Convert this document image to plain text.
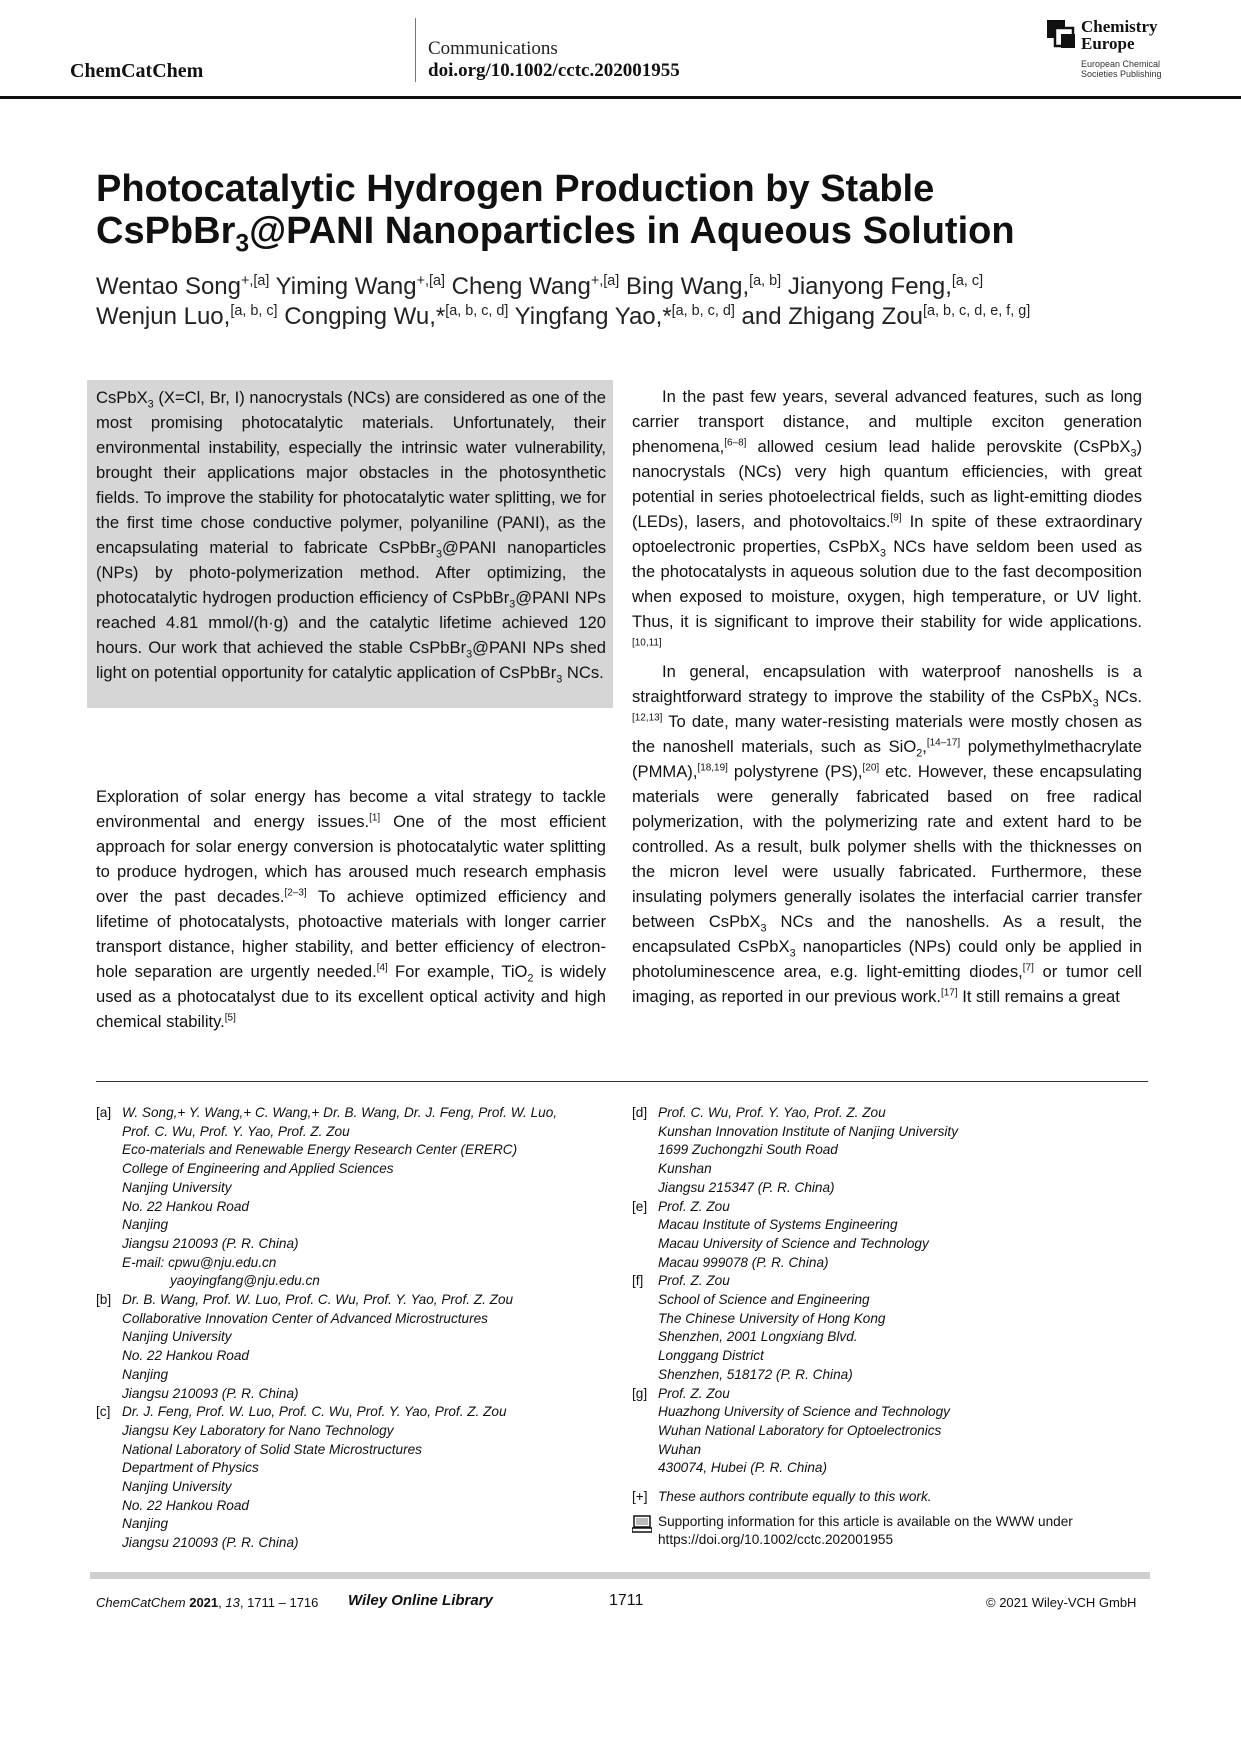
ChemCatChem
Communications
doi.org/10.1002/cctc.202001955
Chemistry
Europe
European Chemical
Societies Publishing
Photocatalytic Hydrogen Production by Stable
CsPbBr$_3$@PANI Nanoparticles in Aqueous Solution
Wentao Song$^{+,[a]}$ Yiming Wang$^{+,[a]}$ Cheng Wang$^{+,[a]}$ Bing Wang,[a, b] Jianyong Feng,[a, c]
Wenjun Luo,[a, b, c] Congping Wu,*[a, b, c, d] Yingfang Yao,*[a, b, c, d] and Zhigang Zou[a, b, c, d, e, f, g]
CsPbX$_3$ (X=Cl, Br, I) nanocrystals (NCs) are considered as one of the most promising photocatalytic materials. Unfortunately, their environmental instability, especially the intrinsic water vulnerability, brought their applications major obstacles in the photosynthetic fields. To improve the stability for photocatalytic water splitting, we for the first time chose conductive polymer, polyaniline (PANI), as the encapsulating material to fabricate CsPbBr$_3$@PANI nanoparticles (NPs) by photo-polymerization method. After optimizing, the photocatalytic hydrogen production efficiency of CsPbBr$_3$@PANI NPs reached 4.81 mmol/(h·g) and the catalytic lifetime achieved 120 hours. Our work that achieved the stable CsPbBr$_3$@PANI NPs shed light on potential opportunity for catalytic application of CsPbBr$_3$ NCs.
Exploration of solar energy has become a vital strategy to tackle environmental and energy issues.[1] One of the most efficient approach for solar energy conversion is photocatalytic water splitting to produce hydrogen, which has aroused much research emphasis over the past decades.[2–3] To achieve optimized efficiency and lifetime of photocatalysts, photoactive materials with longer carrier transport distance, higher stability, and better efficiency of electron-hole separation are urgently needed.[4] For example, TiO$_2$ is widely used as a photocatalyst due to its excellent optical activity and high chemical stability.[5]

In the past few years, several advanced features, such as long carrier transport distance, and multiple exciton generation phenomena,[6–8] allowed cesium lead halide perovskite (CsPbX$_3$) nanocrystals (NCs) very high quantum efficiencies, with great potential in series photoelectrical fields, such as light-emitting diodes (LEDs), lasers, and photovoltaics.[9] In spite of these extraordinary optoelectronic properties, CsPbX$_3$ NCs have seldom been used as the photocatalysts in aqueous solution due to the fast decomposition when exposed to moisture, oxygen, high temperature, or UV light. Thus, it is significant to improve their stability for wide applications.[10,11]

In general, encapsulation with waterproof nanoshells is a straightforward strategy to improve the stability of the CsPbX$_3$ NCs.[12,13] To date, many water-resisting materials were mostly chosen as the nanoshell materials, such as SiO$_2$,[14–17] polymethylmethacrylate (PMMA),[18,19] polystyrene (PS),[20] etc. However, these encapsulating materials were generally fabricated based on free radical polymerization, with the polymerizing rate and extent hard to be controlled. As a result, bulk polymer shells with the thicknesses on the micron level were usually fabricated. Furthermore, these insulating polymers generally isolates the interfacial carrier transfer between CsPbX$_3$ NCs and the nanoshells. As a result, the encapsulated CsPbX$_3$ nanoparticles (NPs) could only be applied in photoluminescence area, e.g. light-emitting diodes,[7] or tumor cell imaging, as reported in our previous work.[17] It still remains a great

[a] W. Song,+ Y. Wang,+ C. Wang,+ Dr. B. Wang, Dr. J. Feng, Prof. W. Luo,
Prof. C. Wu, Prof. Y. Yao, Prof. Z. Zou
Eco-materials and Renewable Energy Research Center (ERERC)
College of Engineering and Applied Sciences
Nanjing University
No. 22 Hankou Road
Nanjing
Jiangsu 210093 (P. R. China)
E-mail: cpwu@nju.edu.cn
yaoyingfang@nju.edu.cn
[b] Dr. B. Wang, Prof. W. Luo, Prof. C. Wu, Prof. Y. Yao, Prof. Z. Zou
Collaborative Innovation Center of Advanced Microstructures
Nanjing University
No. 22 Hankou Road
Nanjing
Jiangsu 210093 (P. R. China)
[c] Dr. J. Feng, Prof. W. Luo, Prof. C. Wu, Prof. Y. Yao, Prof. Z. Zou
Jiangsu Key Laboratory for Nano Technology
National Laboratory of Solid State Microstructures
Department of Physics
Nanjing University
No. 22 Hankou Road
Nanjing
Jiangsu 210093 (P. R. China)
[d] Prof. C. Wu, Prof. Y. Yao, Prof. Z. Zou
Kunshan Innovation Institute of Nanjing University
1699 Zuchongzhi South Road
Kunshan
Jiangsu 215347 (P. R. China)
[e] Prof. Z. Zou
Macau Institute of Systems Engineering
Macau University of Science and Technology
Macau 999078 (P. R. China)
[f] Prof. Z. Zou
School of Science and Engineering
The Chinese University of Hong Kong
Shenzhen, 2001 Longxiang Blvd.
Longgang District
Shenzhen, 518172 (P. R. China)
[g] Prof. Z. Zou
Huazhong University of Science and Technology
Wuhan National Laboratory for Optoelectronics
Wuhan
430074, Hubei (P. R. China)
[+] These authors contribute equally to this work.
Supporting information for this article is available on the WWW under
https://doi.org/10.1002/cctc.202001955
ChemCatChem 2021, 13, 1711 – 1716 Wiley Online Library	1711	© 2021 Wiley-VCH GmbH
